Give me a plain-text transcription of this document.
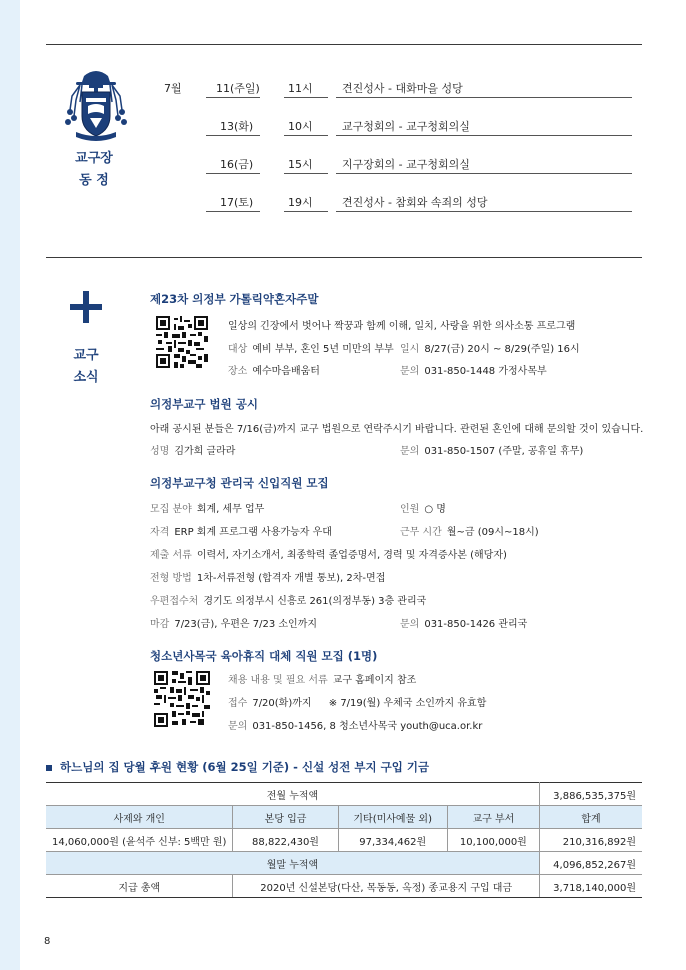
교구장
동 정
7월	11(주일)	11시	견진성사 - 대화마을 성당
13(화)	10시	교구청회의 - 교구청회의실
16(금)	15시	지구장회의 - 교구청회의실
17(토)	19시	견진성사 - 참회와 속죄의 성당
교구
소식
제23차 의정부 가톨릭약혼자주말
일상의 긴장에서 벗어나 짝꿍과 함께 이해, 일치, 사랑을 위한 의사소통 프로그램
대상 예비 부부, 혼인 5년 미만의 부부 일시 8/27(금) 20시 ~ 8/29(주일) 16시
장소 예수마음배움터	문의 031-850-1448 가정사목부
의정부교구 법원 공시
아래 공시된 분들은 7/16(금)까지 교구 법원으로 연락주시기 바랍니다. 관련된 혼인에 대해 문의할 것이 있습니다.
성명 김가희 글라라	문의 031-850-1507 (주말, 공휴일 휴무)
의정부교구청 관리국 신입직원 모집
모집 분야 회계, 세무 업무	인원 ○ 명
자격 ERP 회계 프로그램 사용가능자 우대	근무 시간 월~금 (09시~18시)
제출 서류 이력서, 자기소개서, 최종학력 졸업증명서, 경력 및 자격증사본 (해당자)
전형 방법 1차-서류전형 (합격자 개별 통보), 2차-면접
우편접수처 경기도 의정부시 신흥로 261(의정부동) 3층 관리국
마감 7/23(금), 우편은 7/23 소인까지	문의 031-850-1426 관리국
청소년사목국 육아휴직 대체 직원 모집 (1명)
채용 내용 및 필요 서류 교구 홈페이지 참조
접수 7/20(화)까지 ※ 7/19(월) 우체국 소인까지 유효함
문의 031-850-1456, 8 청소년사목국 youth@uca.or.kr
하느님의 집 당월 후원 현황 (6월 25일 기준) - 신설 성전 부지 구입 기금
전월 누적액				3,886,535,375원
사제와 개인	본당 입금	기타(미사예물 외)	교구 부서	합계
14,060,000원 (윤석주 신부: 5백만 원)	88,822,430원	97,334,462원	10,100,000원	210,316,892원
월말 누적액				4,096,852,267원
지급 총액	2020년 신설본당(다산, 목동동, 옥정) 종교용지 구입 대금			3,718,140,000원
8
